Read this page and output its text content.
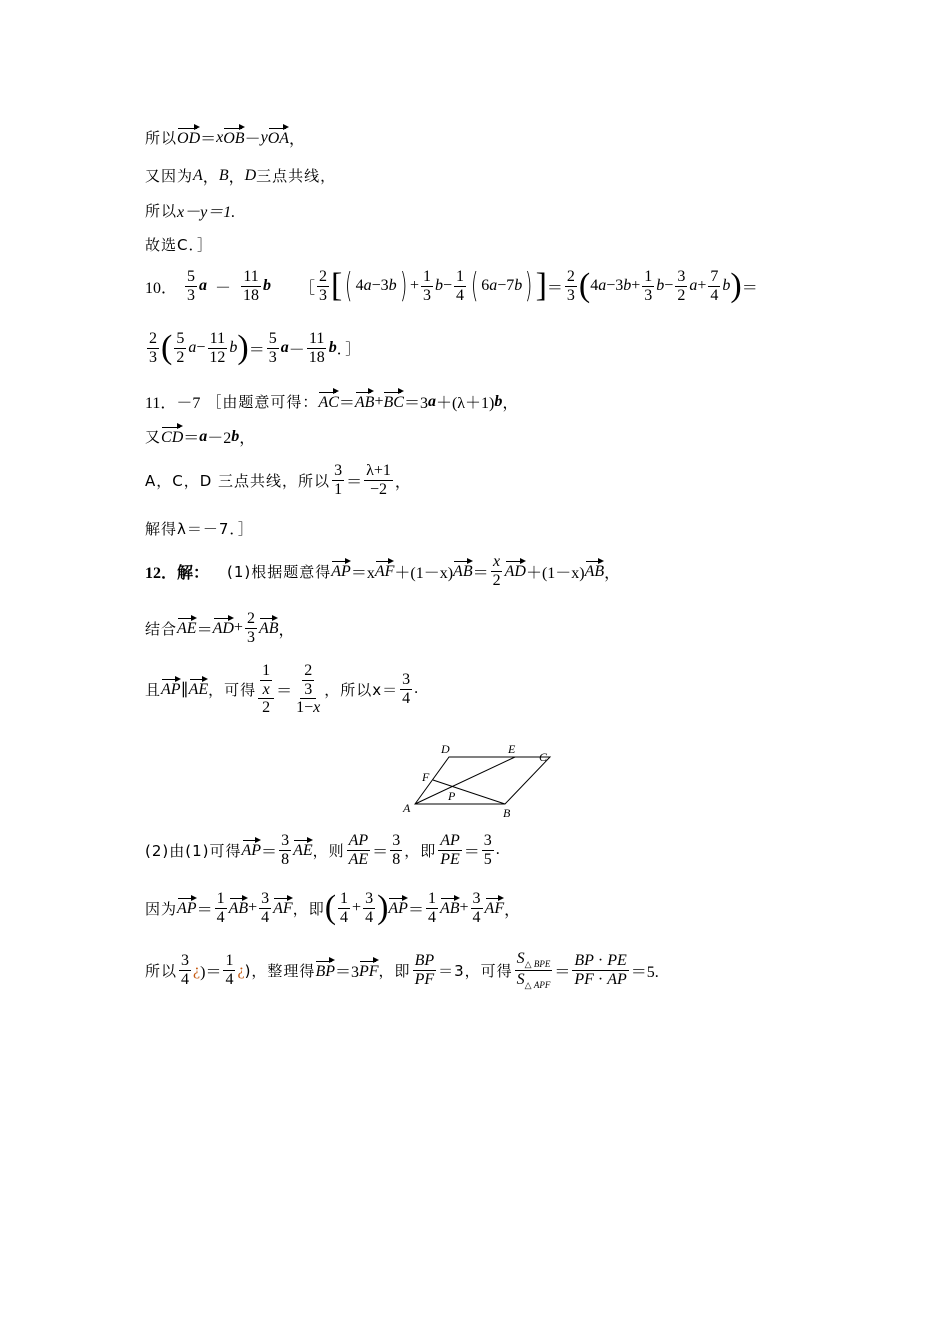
所以 OD ＝ x OB － y OA ，
又因为 A ， B ， D 三点共线，
所以 x－y＝1.
故选C．］
10． $\frac{5}{3}$ $a - \frac{11}{18}$ b ［ $\frac{2}{3}$ [ ( 4 a −3 b ) + $\frac{1}{3}$ $b - \frac{1}{4}$ ( 6 a −7 b ) ] ＝ $\frac{2}{3}$ ( 4 a −3 $b + \frac{1}{3}$ $b - \frac{3}{2}$ $a + \frac{7}{4}$ b ) ＝
$\frac{2}{3}$ ( $\frac{5}{2}$ $a - \frac{11}{12}$ b ) ＝ $\frac{5}{3}$ $a - \frac{11}{18}$ b ．］
11．－7 ［由题意可得： AC ＝ AB + BC ＝3 a ＋(λ＋1) b ，
又 CD ＝ a －2 b ，
A，C，D 三点共线，所以 $\frac{3}{1} = \frac{\lambda+1}{-2}$ ，
解得λ＝－7．］
12．解： (1)根据题意得 AP ＝x AF ＋(1－x) AB ＝ $\frac{x}{2}$ AD ＋(1－x) AB ，
结合 AE ＝ AD + $\frac{2}{3}$ AB ，
且 AP ∥ AE ，可得 $\frac{\frac{1}{x}}{2} = \frac{\frac{2}{3}}{1-x}$ ，所以$x= \frac{3}{4}$ .
D	E
C
F
P
A	B
(2)由(1)可得 AP ＝ $\frac{3}{8}$ AE ，则 $\frac{AP}{AE} = \frac{3}{8}$ ，即 $\frac{AP}{PE} = \frac{3}{5}$ .
因为 AP ＝ $\frac{1}{4}$ AB + $\frac{3}{4}$ AF ，即 ( $\frac{1}{4} + \frac{3}{4}$ ) AP ＝ $\frac{1}{4}$ AB + $\frac{3}{4}$ AF ，
所以 $\frac{3}{4}$ ¿ )＝ $\frac{1}{4}$ ¿ )，整理得 BP ＝3 PF ，即 $\frac{BP}{PF} =3$，可得 $\frac{S_{\triangle BPE}}{S_{\triangle APF}} = \frac{BP \cdot PE}{PF \cdot AP} =5$.
